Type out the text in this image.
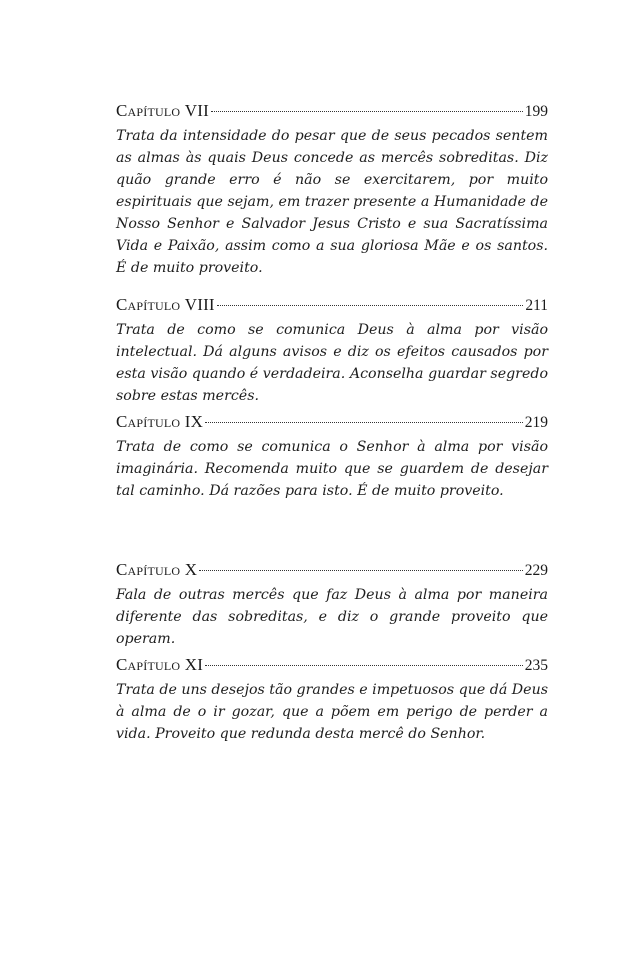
Capítulo VII	199

Trata da intensidade do pesar que de seus pecados sentem as almas às quais Deus concede as mercês sobreditas. Diz quão grande erro é não se exercitarem, por muito espirituais que sejam, em trazer presente a Humanidade de Nosso Senhor e Salvador Jesus Cristo e sua Sacratíssima Vida e Paixão, assim como a sua gloriosa Mãe e os santos. É de muito proveito.

Capítulo VIII	211

Trata de como se comunica Deus à alma por visão intelectual. Dá alguns avisos e diz os efeitos causados por esta visão quando é verdadeira. Aconselha guardar segredo sobre estas mercês.

Capítulo IX	219

Trata de como se comunica o Senhor à alma por visão imaginária. Recomenda muito que se guardem de desejar tal caminho. Dá razões para isto. É de muito proveito.

Capítulo X	229

Fala de outras mercês que faz Deus à alma por maneira diferente das sobreditas, e diz o grande proveito que operam.

Capítulo XI	235

Trata de uns desejos tão grandes e impetuosos que dá Deus à alma de o ir gozar, que a põem em perigo de perder a vida. Proveito que redunda desta mercê do Senhor.
